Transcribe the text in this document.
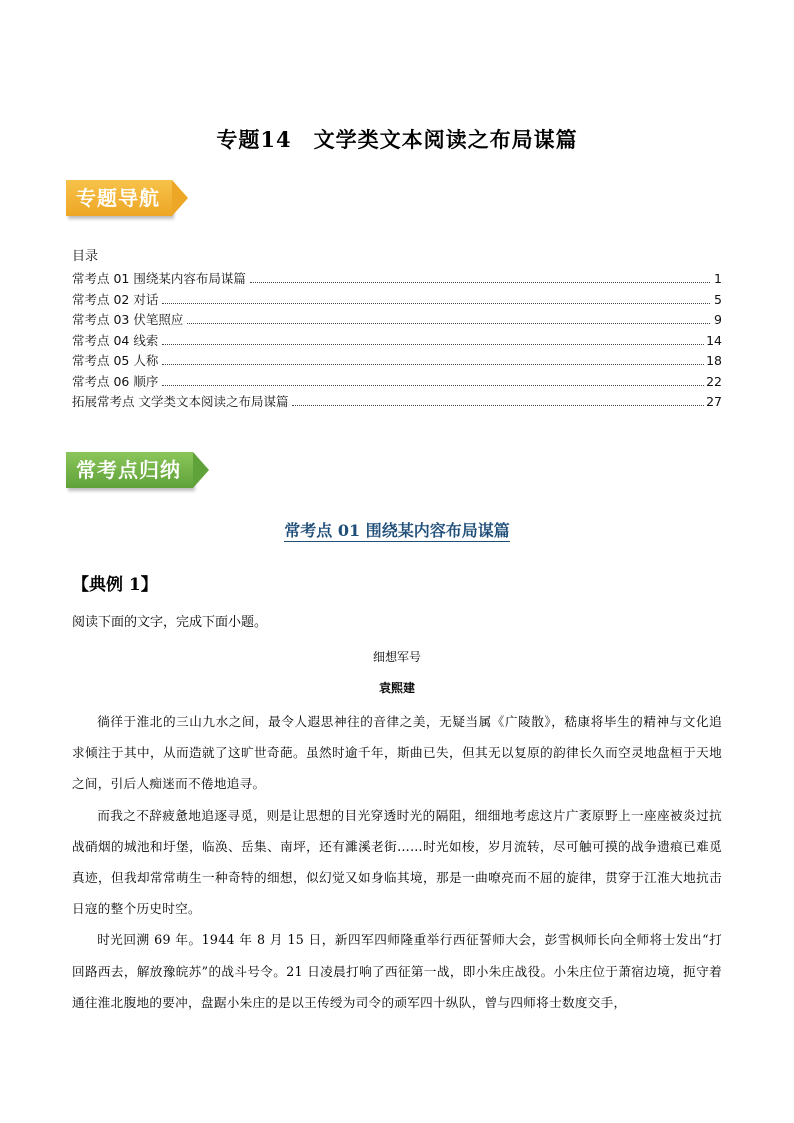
专题14　文学类文本阅读之布局谋篇
专题导航
目录
常考点 01 围绕某内容布局谋篇	1
常考点 02 对话	5
常考点 03 伏笔照应	9
常考点 04 线索	14
常考点 05 人称	18
常考点 06 顺序	22
拓展常考点 文学类文本阅读之布局谋篇	27
常考点归纳
常考点 01 围绕某内容布局谋篇
【典例 1】
阅读下面的文字，完成下面小题。
细想军号
袁熙建

徜徉于淮北的三山九水之间，最令人遐思神往的音律之美，无疑当属《广陵散》，嵇康将毕生的精神与文化追求倾注于其中，从而造就了这旷世奇葩。虽然时逾千年，斯曲已失，但其无以复原的韵律长久而空灵地盘桓于天地之间，引后人痴迷而不倦地追寻。

而我之不辞疲惫地追逐寻觅，则是让思想的目光穿透时光的隔阻，细细地考虑这片广袤原野上一座座被炎过抗战硝烟的城池和圩堡，临涣、岳集、南坪，还有濉溪老街……时光如梭，岁月流转，尽可触可摸的战争遗痕已难觅真迹，但我却常常萌生一种奇特的细想，似幻觉又如身临其境，那是一曲嘹亮而不屈的旋律，贯穿于江淮大地抗击日寇的整个历史时空。

时光回溯 69 年。1944 年 8 月 15 日，新四军四师隆重举行西征誓师大会，彭雪枫师长向全师将士发出“打回路西去，解放豫皖苏”的战斗号令。21 日凌晨打响了西征第一战，即小朱庄战役。小朱庄位于萧宿边境，扼守着通往淮北腹地的要冲，盘踞小朱庄的是以王传绶为司令的顽军四十纵队，曾与四师将士数度交手，
